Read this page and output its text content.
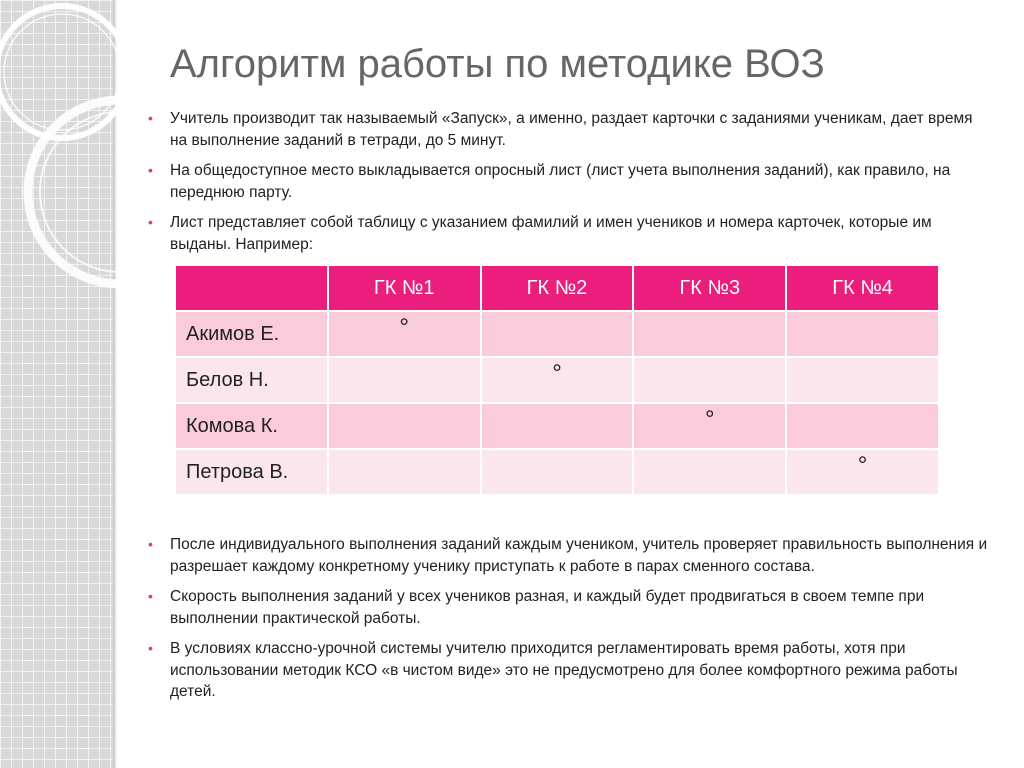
Алгоритм работы по методике ВОЗ
• Учитель производит так называемый «Запуск», а именно, раздает карточки с заданиями ученикам, дает время на выполнение заданий в тетради, до 5 минут.
• На общедоступное место выкладывается опросный лист (лист учета выполнения заданий), как правило, на переднюю парту.
• Лист представляет собой таблицу с указанием фамилий и имен учеников и номера карточек, которые им выданы. Например:
	ГК №1	ГК №2	ГК №3	ГК №4
Акимов Е.	°			
Белов Н.		°		
Комова К.			°	
Петрова В.				°
• После индивидуального выполнения заданий каждым учеником, учитель проверяет правильность выполнения и разрешает каждому конкретному ученику приступать к работе в парах сменного состава.
• Скорость выполнения заданий у всех учеников разная, и каждый будет продвигаться в своем темпе при выполнении практической работы.
• В условиях классно-урочной системы учителю приходится регламентировать время работы, хотя при использовании методик КСО «в чистом виде» это не предусмотрено для более комфортного режима работы детей.
